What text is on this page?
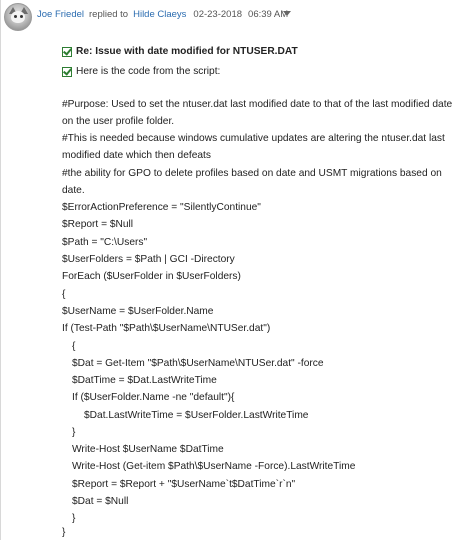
Joe Friedel replied to Hilde Claeys 02-23-2018 06:39 AM
Re: Issue with date modified for NTUSER.DAT
Here is the code from the script:
#Purpose: Used to set the ntuser.dat last modified date to that of the last modified date
on the user profile folder.
#This is needed because windows cumulative updates are altering the ntuser.dat last
modified date which then defeats
#the ability for GPO to delete profiles based on date and USMT migrations based on
date.
$ErrorActionPreference = "SilentlyContinue"
$Report = $Null
$Path = "C:\Users"
$UserFolders = $Path | GCI -Directory
ForEach ($UserFolder in $UserFolders)
{
$UserName = $UserFolder.Name
If (Test-Path "$Path\$UserName\NTUSer.dat")
{
$Dat = Get-Item "$Path\$UserName\NTUSer.dat" -force
$DatTime = $Dat.LastWriteTime
If ($UserFolder.Name -ne "default"){
$Dat.LastWriteTime = $UserFolder.LastWriteTime
}
Write-Host $UserName $DatTime
Write-Host (Get-item $Path\$UserName -Force).LastWriteTime
$Report = $Report + "$UserName`t$DatTime`r`n"
$Dat = $Null
}
}
